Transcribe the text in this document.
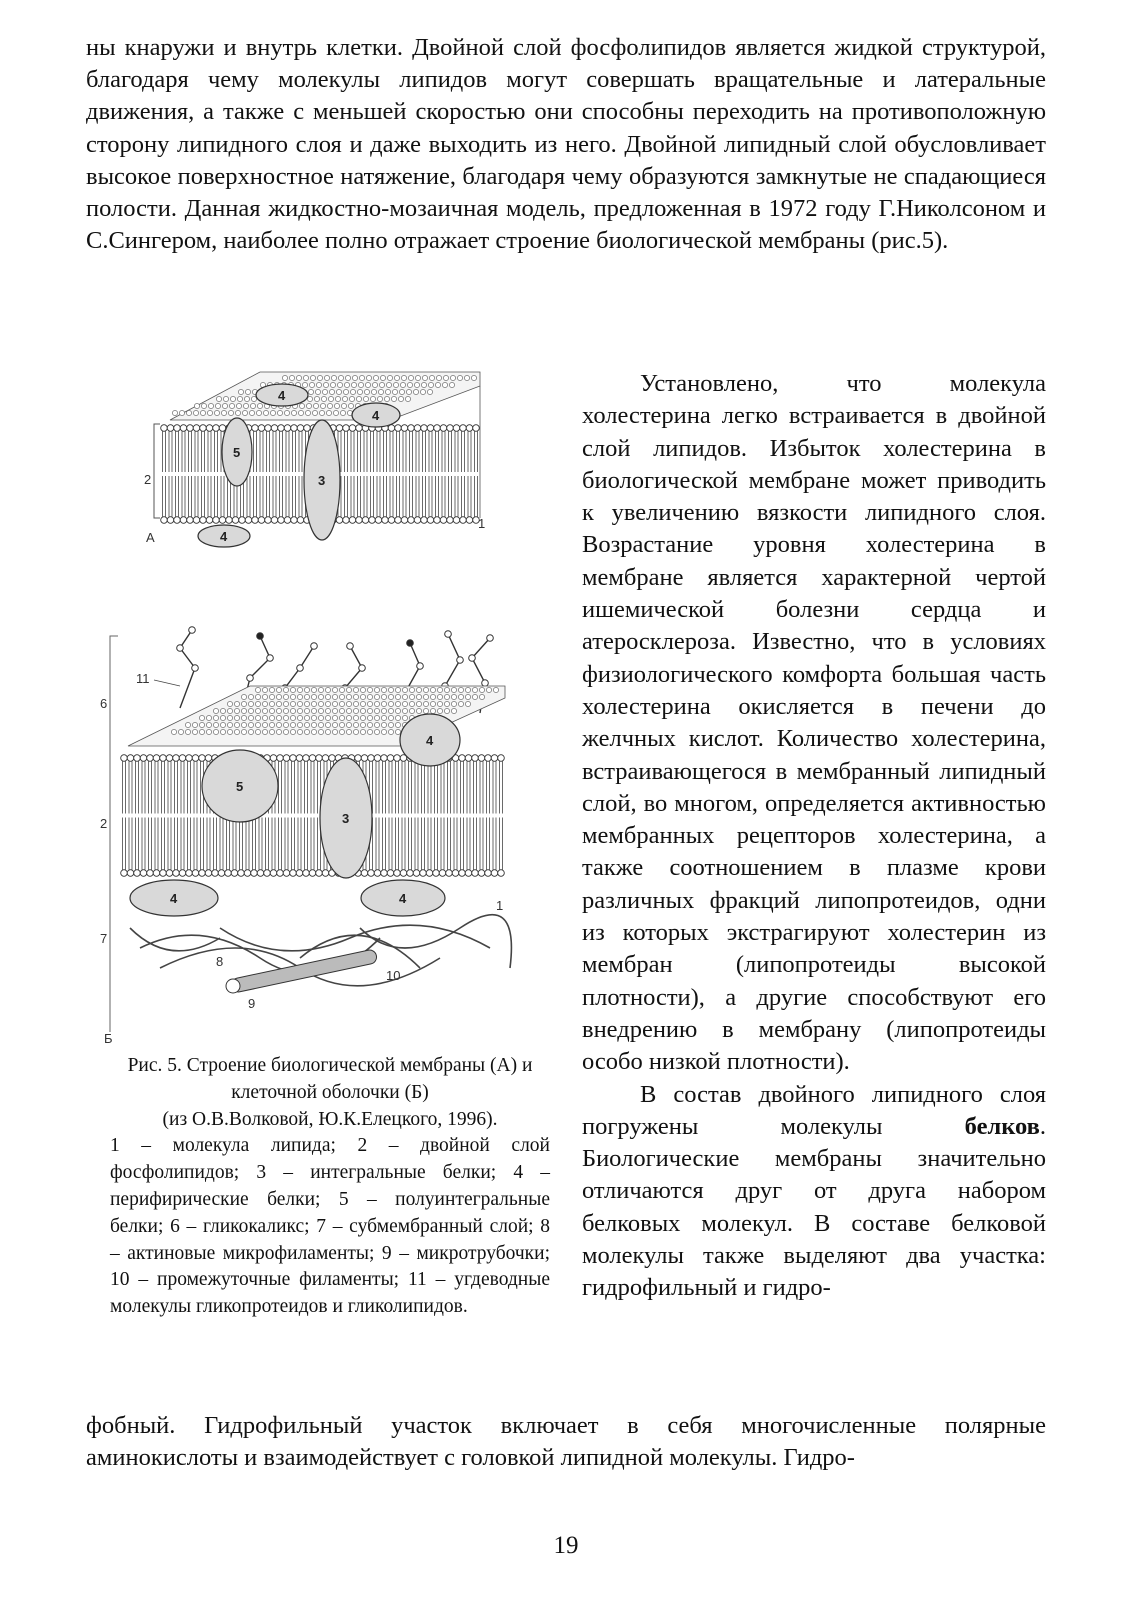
ны кнаружи и внутрь клетки. Двойной слой фосфолипидов является жидкой структурой, благодаря чему молекулы липидов могут совершать вращательные и латеральные движения, а также с меньшей скоростью они способны переходить на противоположную сторону липидного слоя и даже выходить из него. Двойной липидный слой обусловливает высокое поверхностное натяжение, благодаря чему образуются замкнутые не спадающиеся полости. Данная жидкостно-мозаичная модель, предложенная в 1972 году Г.Николсоном и С.Сингером, наиболее полно отражает строение биологической мембраны (рис.5).

4
4
5
3
4
2
1
А
5
4
3
4	4
11
6
2
7
1
8
9
10
Б
Рис. 5. Строение биологической мембраны (А) и клеточной оболочки (Б)
(из О.В.Волковой, Ю.К.Елецкого, 1996).
1 – молекула липида; 2 – двойной слой фосфолипидов; 3 – интегральные белки; 4 – перифирические белки; 5 – полуинтегральные белки; 6 – гликокаликс; 7 – субмембранный слой; 8 – актиновые микрофиламенты; 9 – микротрубочки; 10 – промежуточные филаменты; 11 – угдеводные молекулы гликопротеидов и гликолипидов.

Установлено, что молекула холестерина легко встраивается в двойной слой липидов. Избыток холестерина в биологической мембране может приводить к увеличению вязкости липидного слоя. Возрастание уровня холестерина в мембране является характерной чертой ишемической болезни сердца и атеросклероза. Известно, что в условиях физиологического комфорта большая часть холестерина окисляется в печени до желчных кислот. Количество холестерина, встраивающегося в мембранный липидный слой, во многом, определяется активностью мембранных рецепторов холестерина, а также соотношением в плазме крови различных фракций липопротеидов, одни из которых экстрагируют холестерин из мембран (липопротеиды высокой плотности), а другие способствуют его внедрению в мембрану (липопротеиды особо низкой плотности).

В состав двойного липидного слоя погружены молекулы белков. Биологические мембраны значительно отличаются друг от друга набором белковых молекул. В составе белковой молекулы также выделяют два участка: гидрофильный и гидро-

фобный. Гидрофильный участок включает в себя многочисленные полярные аминокислоты и взаимодействует с головкой липидной молекулы. Гидро-

19
